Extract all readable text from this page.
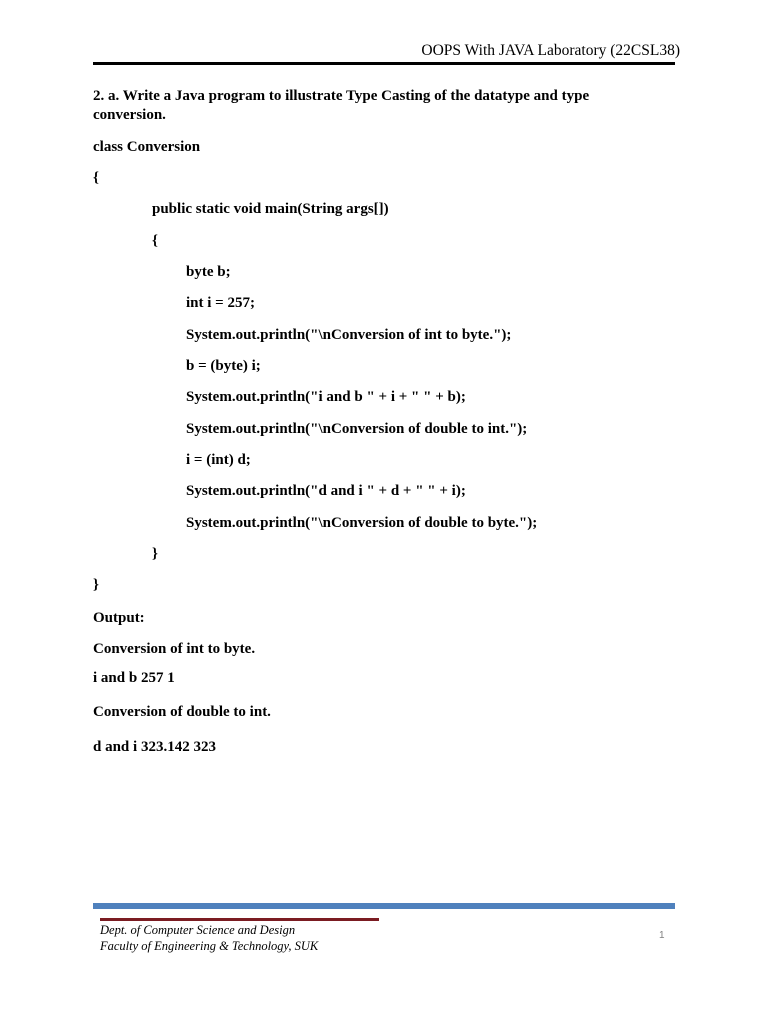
OOPS With JAVA Laboratory (22CSL38)
2. a. Write a Java program to illustrate Type Casting of the datatype and type conversion.
class Conversion
{
public static void main(String args[])
{
byte b;
int i = 257;
System.out.println("\nConversion of int to byte.");
b = (byte) i;
System.out.println("i and b " + i + " " + b);
System.out.println("\nConversion of double to int.");
i = (int) d;
System.out.println("d and i " + d + " " + i);
System.out.println("\nConversion of double to byte.");
}
}
Output:
Conversion of int to byte.
i and b 257 1
Conversion of double to int.
d and i 323.142 323
Dept. of Computer Science and Design
Faculty of Engineering & Technology, SUK
1
